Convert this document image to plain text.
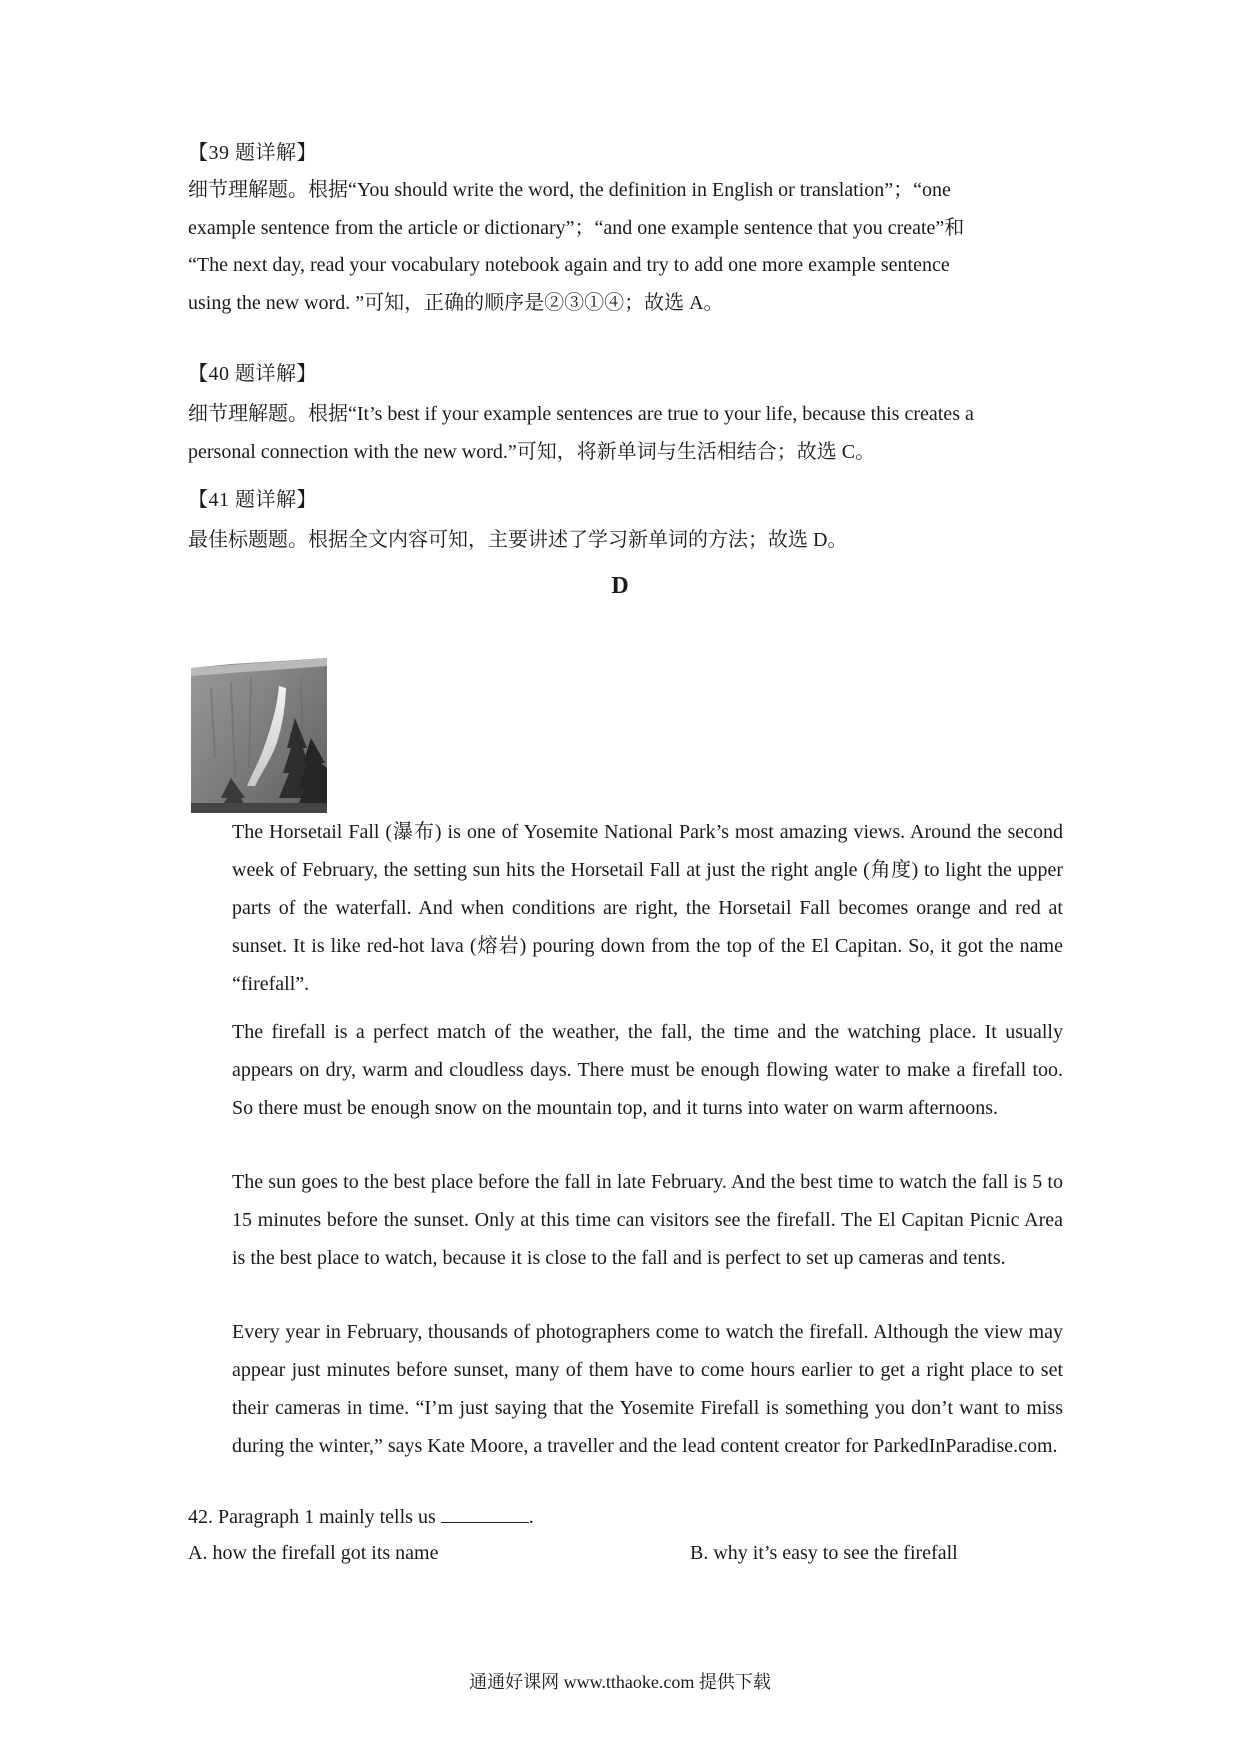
【39 题详解】
细节理解题。根据“You should write the word, the definition in English or translation”；“one
example sentence from the article or dictionary”；“and one example sentence that you create”和
“The next day, read your vocabulary notebook again and try to add one more example sentence
using the new word. ”可知，正确的顺序是②③①④；故选 A。
【40 题详解】
细节理解题。根据“It’s best if your example sentences are true to your life, because this creates a
personal connection with the new word.”可知，将新单词与生活相结合；故选 C。
【41 题详解】
最佳标题题。根据全文内容可知，主要讲述了学习新单词的方法；故选 D。
D
The Horsetail Fall (瀑布) is one of Yosemite National Park’s most amazing views. Around the second week of February, the setting sun hits the Horsetail Fall at just the right angle (角度) to light the upper parts of the waterfall. And when conditions are right, the Horsetail Fall becomes orange and red at sunset. It is like red-hot lava (熔岩) pouring down from the top of the El Capitan. So, it got the name “firefall”.
The firefall is a perfect match of the weather, the fall, the time and the watching place. It usually appears on dry, warm and cloudless days. There must be enough flowing water to make a firefall too. So there must be enough snow on the mountain top, and it turns into water on warm afternoons.
The sun goes to the best place before the fall in late February. And the best time to watch the fall is 5 to 15 minutes before the sunset. Only at this time can visitors see the firefall. The El Capitan Picnic Area is the best place to watch, because it is close to the fall and is perfect to set up cameras and tents.
Every year in February, thousands of photographers come to watch the firefall. Although the view may appear just minutes before sunset, many of them have to come hours earlier to get a right place to set their cameras in time. “I’m just saying that the Yosemite Firefall is something you don’t want to miss during the winter,” says Kate Moore, a traveller and the lead content creator for ParkedInParadise.com.
42. Paragraph 1 mainly tells us	.
A. how the firefall got its name	B. why it’s easy to see the firefall
通通好课网 www.tthaoke.com 提供下载
